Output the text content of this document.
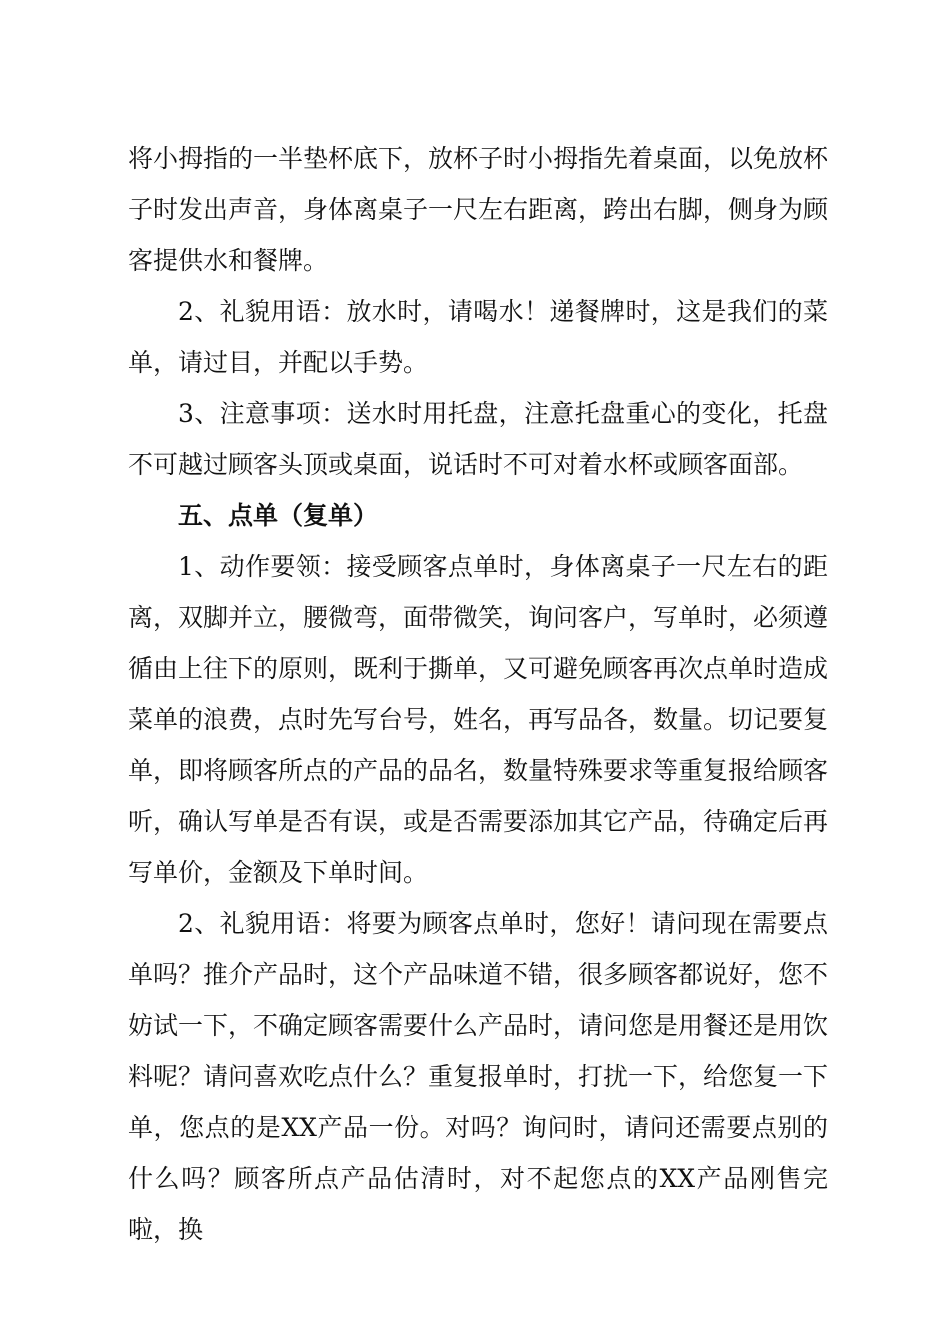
将小拇指的一半垫杯底下，放杯子时小拇指先着桌面，以免放杯子时发出声音，身体离桌子一尺左右距离，跨出右脚，侧身为顾客提供水和餐牌。

2、礼貌用语：放水时，请喝水！递餐牌时，这是我们的菜单，请过目，并配以手势。

3、注意事项：送水时用托盘，注意托盘重心的变化，托盘不可越过顾客头顶或桌面，说话时不可对着水杯或顾客面部。

五、点单（复单）

1、动作要领：接受顾客点单时，身体离桌子一尺左右的距离，双脚并立，腰微弯，面带微笑，询问客户，写单时，必须遵循由上往下的原则，既利于撕单，又可避免顾客再次点单时造成菜单的浪费，点时先写台号，姓名，再写品各，数量。切记要复单，即将顾客所点的产品的品名，数量特殊要求等重复报给顾客听，确认写单是否有误，或是否需要添加其它产品，待确定后再写单价，金额及下单时间。

2、礼貌用语：将要为顾客点单时，您好！请问现在需要点单吗？推介产品时，这个产品味道不错，很多顾客都说好，您不妨试一下，不确定顾客需要什么产品时，请问您是用餐还是用饮料呢？请问喜欢吃点什么？重复报单时，打扰一下，给您复一下单，您点的是XX产品一份。对吗？询问时，请问还需要点别的什么吗？顾客所点产品估清时，对不起您点的XX产品刚售完啦，换
